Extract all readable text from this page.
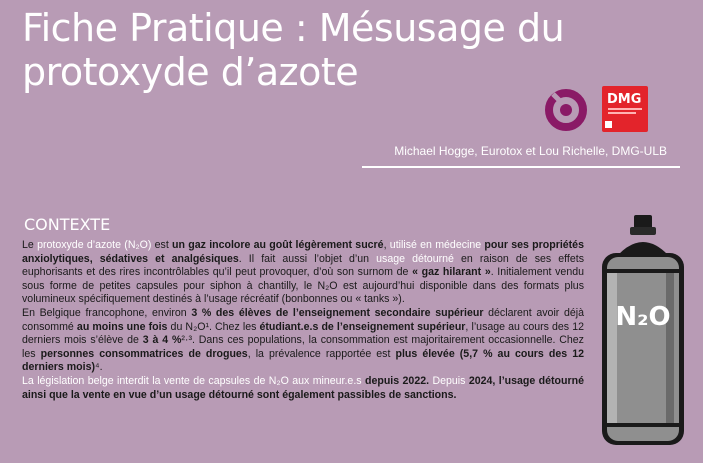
Fiche Pratique : Mésusage du protoxyde d’azote
DMG
Michael Hogge, Eurotox et Lou Richelle, DMG-ULB
CONTEXTE

Le protoxyde d’azote (N₂O) est un gaz incolore au goût légèrement sucré, utilisé en médecine pour ses propriétés anxiolytiques, sédatives et analgésiques. Il fait aussi l’objet d’un usage détourné en raison de ses effets euphorisants et des rires incontrôlables qu’il peut provoquer, d’où son surnom de « gaz hilarant ». Initialement vendu sous forme de petites capsules pour siphon à chantilly, le N₂O est aujourd’hui disponible dans des formats plus volumineux spécifiquement destinés à l’usage récréatif (bonbonnes ou « tanks »).

En Belgique francophone, environ 3 % des élèves de l’enseignement secondaire supérieur déclarent avoir déjà consommé au moins une fois du N₂O¹. Chez les étudiant.e.s de l’enseignement supérieur, l’usage au cours des 12 derniers mois s’élève de 3 à 4 %²·³. Dans ces populations, la consommation est majoritairement occasionnelle. Chez les personnes consommatrices de drogues, la prévalence rapportée est plus élevée (5,7 % au cours des 12 derniers mois)⁴.

La législation belge interdit la vente de capsules de N₂O aux mineur.e.s depuis 2022. Depuis 2024, l’usage détourné ainsi que la vente en vue d’un usage détourné sont également passibles de sanctions.

N₂O
